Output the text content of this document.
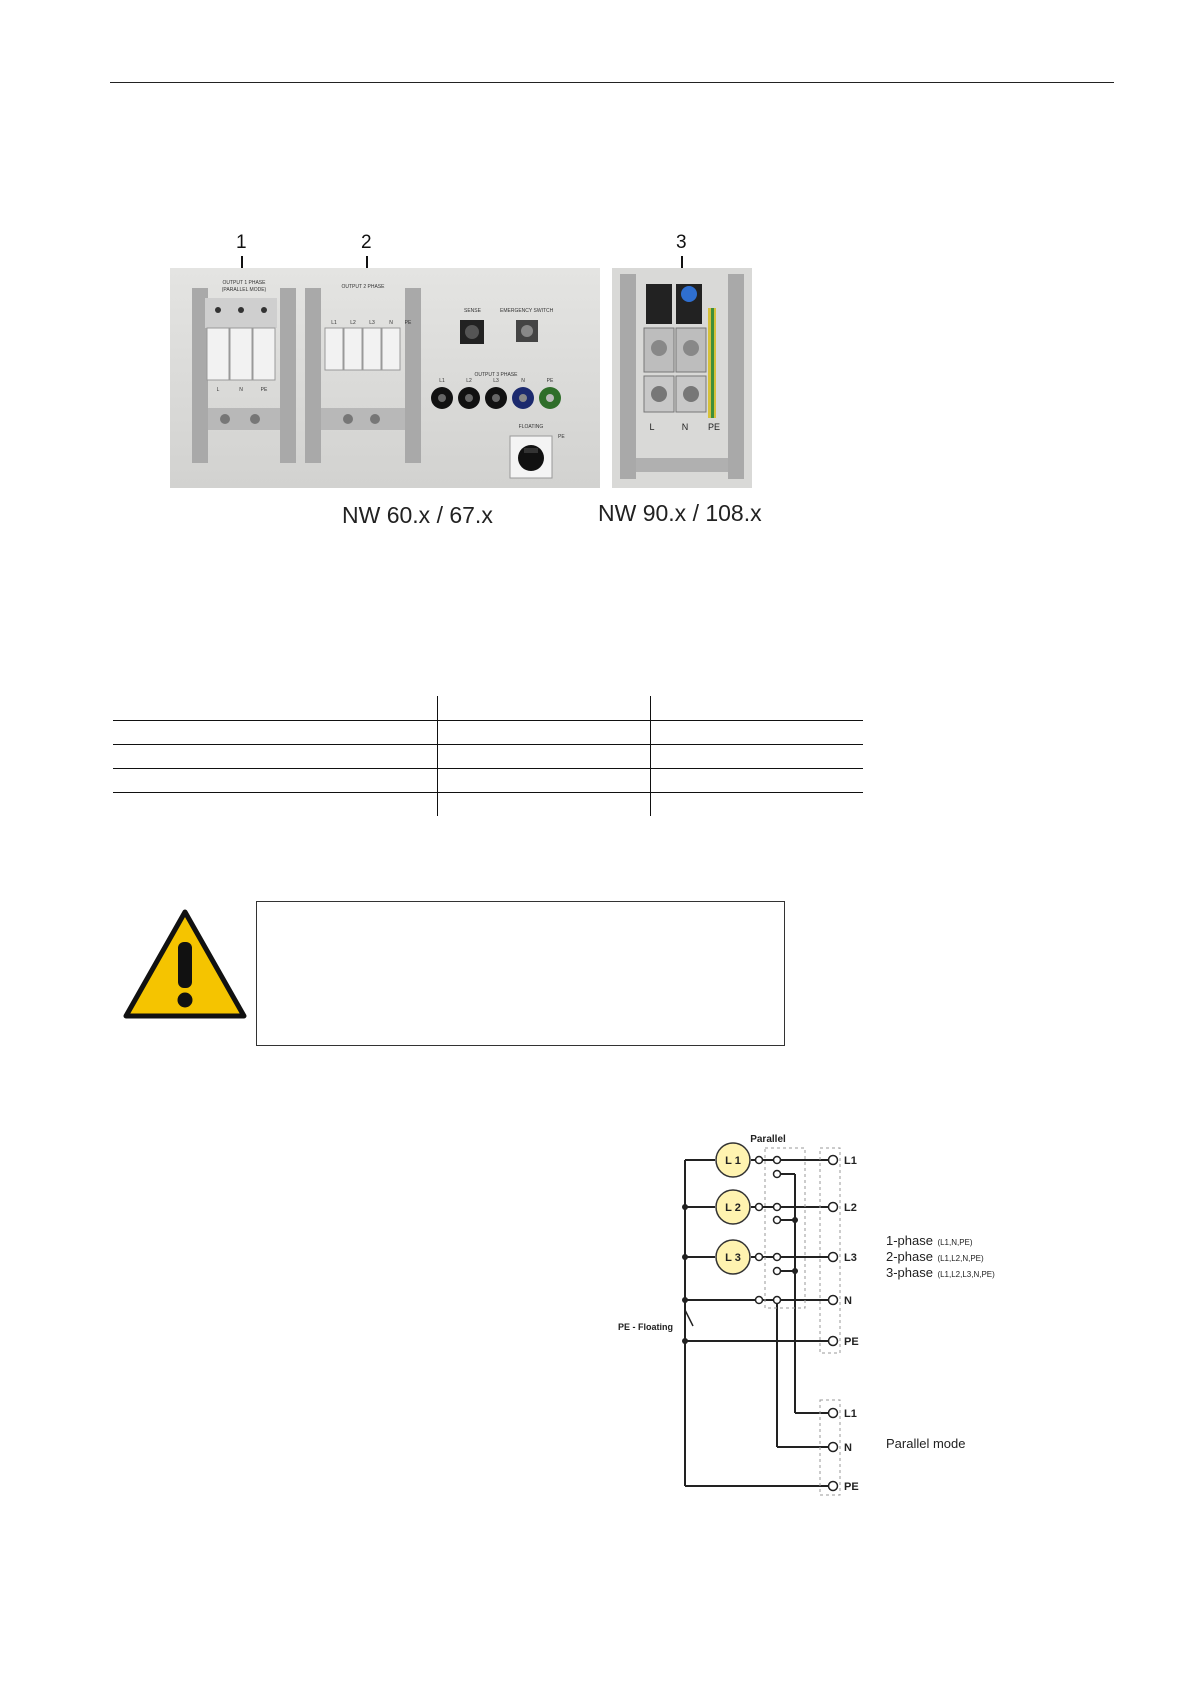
1	2	3
OUTPUT 1 PHASE
(PARALLEL MODE)	OUTPUT 2 PHASE
SENSE	EMERGENCY SWITCH
OUTPUT 3 PHASE
FLOATING
PE
L1	L2	L3	N PE
L	N	PE
L1	L2	L3	N	PE
L	N PE
NW 60.x / 67.x	NW 90.x / 108.x
L 1
L 2
L 3
Parallel
PE - Floating
L1
L2
L3
N
PE
L1
N
PE
1-phase (L1,N,PE)
2-phase (L1,L2,N,PE)
3-phase (L1,L2,L3,N,PE)
Parallel mode
